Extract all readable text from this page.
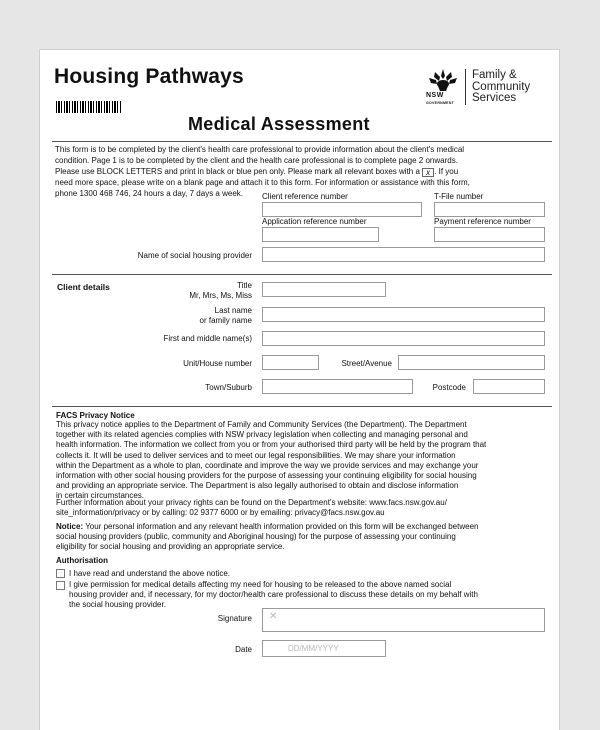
Housing Pathways
Medical Assessment
NSW
GOVERNMENT
Family &
Community
Services
This form is to be completed by the client's health care professional to provide information about the client's medical
condition. Page 1 is to be completed by the client and the health care professional is to complete page 2 onwards.
Please use BLOCK LETTERS and print in black or blue pen only. Please mark all relevant boxes with a x . If you
need more space, please write on a blank page and attach it to this form. For information or assistance with this form,
phone 1300 468 746, 24 hours a day, 7 days a week.	Client reference number	T-File number
Application reference number	Payment reference number
Name of social housing provider
Client details	Title
Mr, Mrs, Ms, Miss
Last name
or family name
First and middle name(s)
Unit/House number	Street/Avenue
Town/Suburb	Postcode
FACS Privacy Notice
This privacy notice applies to the Department of Family and Community Services (the Department). The Department
together with its related agencies complies with NSW privacy legislation when collecting and managing personal and
health information. The information we collect from you or from your authorised third party will be held by the program that
collects it. It will be used to deliver services and to meet our legal responsibilities. We may share your information
within the Department as a whole to plan, coordinate and improve the way we provide services and may exchange your
information with other social housing providers for the purpose of assessing your continuing eligibility for social housing
and providing an appropriate service. The Department is also legally authorised to obtain and disclose information
in certain circumstances.
Further information about your privacy rights can be found on the Department's website: www.facs.nsw.gov.au/
site_information/privacy or by calling: 02 9377 6000 or by emailing: privacy@facs.nsw.gov.au
Notice: Your personal information and any relevant health information provided on this form will be exchanged between
social housing providers (public, community and Aboriginal housing) for the purpose of assessing your continuing
eligibility for social housing and providing an appropriate service.
Authorisation
I have read and understand the above notice.
I give permission for medical details affecting my need for housing to be released to the above named social
housing provider and, if necessary, for my doctor/health care professional to discuss these details on my behalf with
the social housing provider.
Signature ✕
Date	DD/MM/YYYY
